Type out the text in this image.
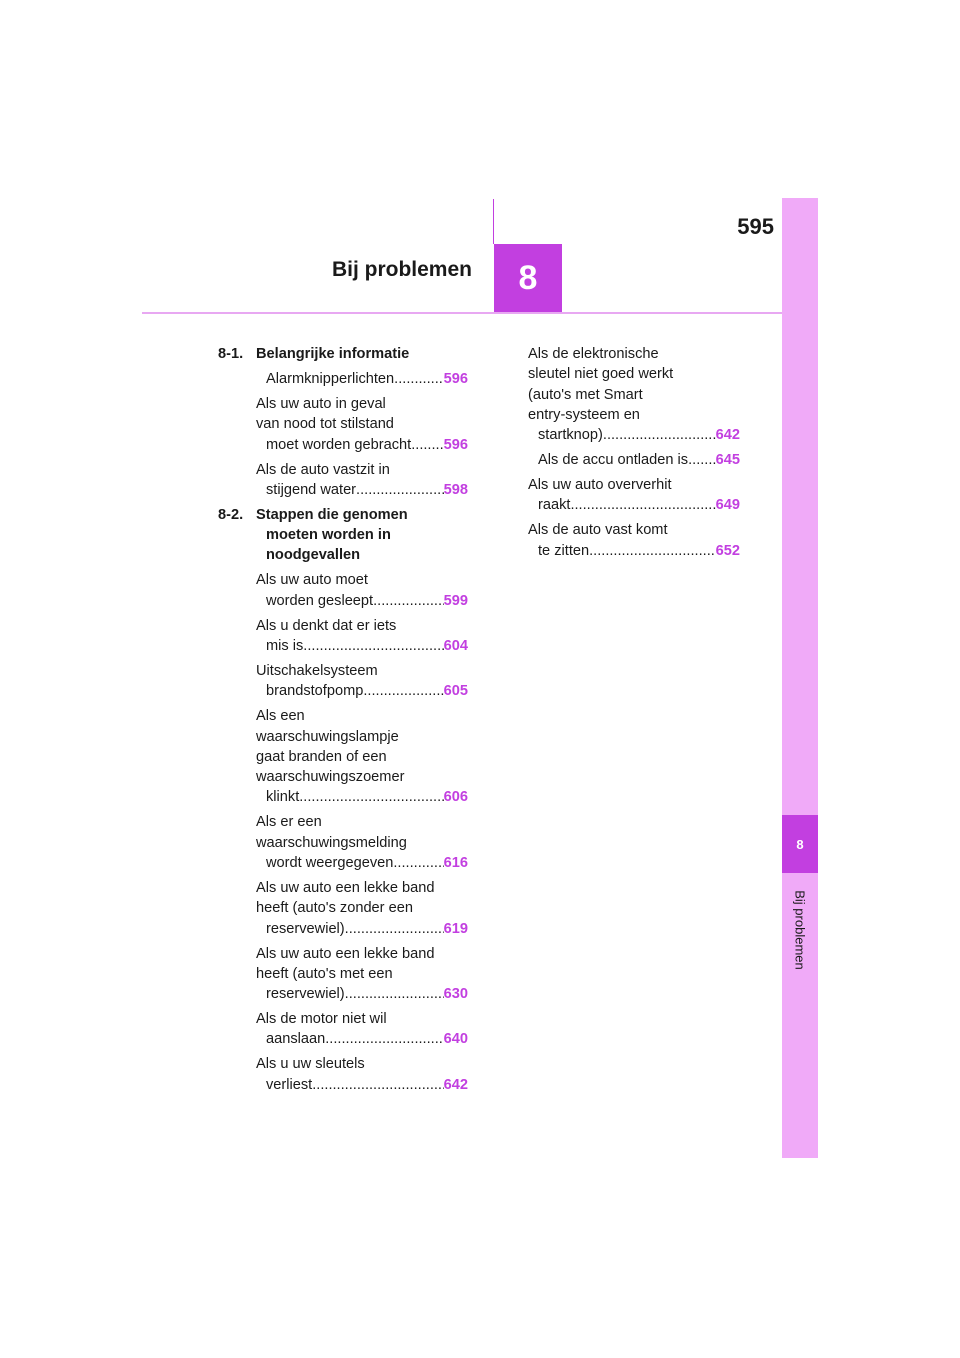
595
Bij problemen 8
8
Bij problemen
8-1. Belangrijke informatie
Alarmknipperlichten .....	596
Als uw auto in geval
van nood tot stilstand
moet worden gebracht ..... 596
Als de auto vastzit in
stijgend water .....	598
8-2. Stappen die genomen
moeten worden in
noodgevallen
Als uw auto moet
worden gesleept .....	599
Als u denkt dat er iets
mis is .....	604
Uitschakelsysteem
brandstofpomp .....	605
Als een
waarschuwingslampje
gaat branden of een
waarschuwingszoemer
klinkt .....	606
Als er een
waarschuwingsmelding
wordt weergegeven .....	616
Als uw auto een lekke band
heeft (auto's zonder een
reservewiel) .....	619
Als uw auto een lekke band
heeft (auto's met een
reservewiel) .....	630
Als de motor niet wil
aanslaan .....	640
Als u uw sleutels
verliest .....	642
Als de elektronische
sleutel niet goed werkt
(auto's met Smart
entry-systeem en
startknop) .....	642
Als de accu ontladen is ..... 645
Als uw auto oververhit
raakt .....	649
Als de auto vast komt
te zitten .....	652
